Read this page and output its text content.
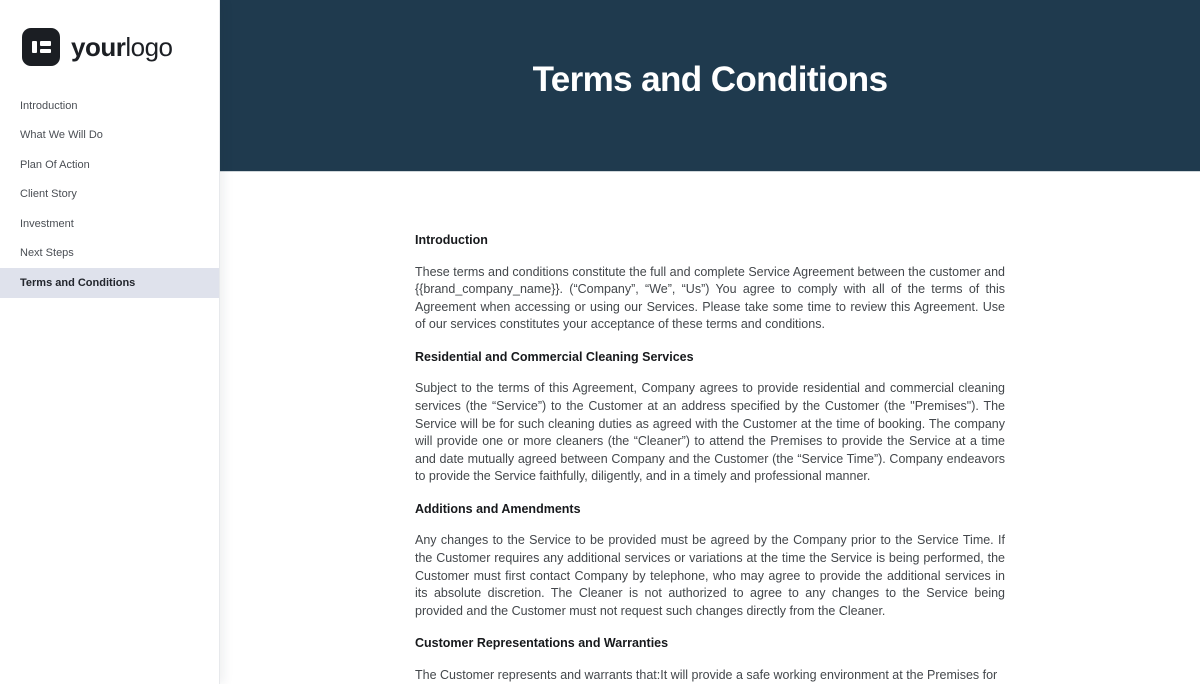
yourlogo
Introduction
What We Will Do
Plan Of Action
Client Story
Investment
Next Steps
Terms and Conditions
Terms and Conditions
Introduction

These terms and conditions constitute the full and complete Service Agreement between the customer and {{brand_company_name}}. (“Company”, “We”, “Us”) You agree to comply with all of the terms of this Agreement when accessing or using our Services. Please take some time to review this Agreement. Use of our services constitutes your acceptance of these terms and conditions.

Residential and Commercial Cleaning Services

Subject to the terms of this Agreement, Company agrees to provide residential and commercial cleaning services (the “Service”) to the Customer at an address specified by the Customer (the "Premises"). The Service will be for such cleaning duties as agreed with the Customer at the time of booking. The company will provide one or more cleaners (the “Cleaner”) to attend the Premises to provide the Service at a time and date mutually agreed between Company and the Customer (the “Service Time”). Company endeavors to provide the Service faithfully, diligently, and in a timely and professional manner.

Additions and Amendments

Any changes to the Service to be provided must be agreed by the Company prior to the Service Time. If the Customer requires any additional services or variations at the time the Service is being performed, the Customer must first contact Company by telephone, who may agree to provide the additional services in its absolute discretion. The Cleaner is not authorized to agree to any changes to the Service being provided and the Customer must not request such changes directly from the Cleaner.

Customer Representations and Warranties

The Customer represents and warrants that:It will provide a safe working environment at the Premises for
